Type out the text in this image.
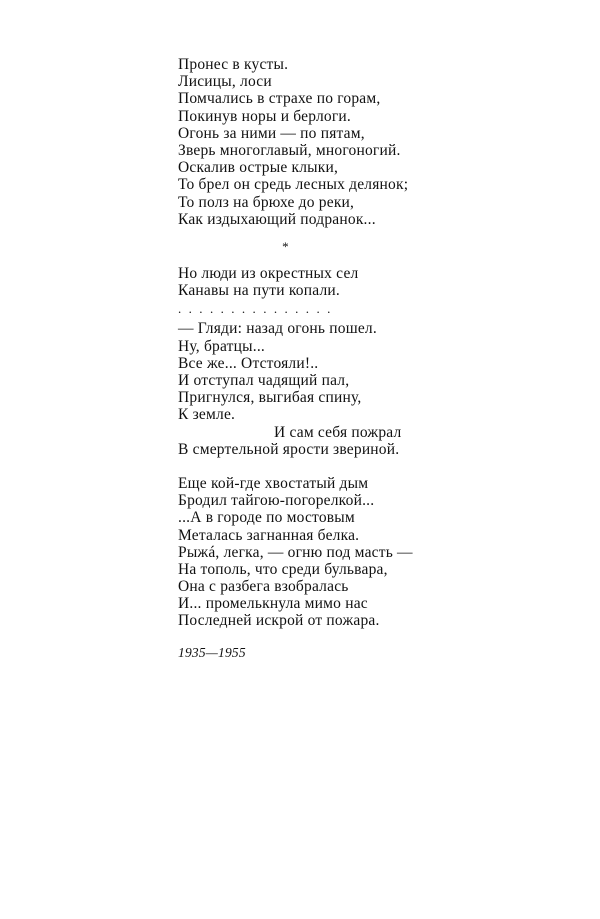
Пронес в кусты.
Лисицы, лоси
Помчались в страхе по горам,
Покинув норы и берлоги.
Огонь за ними — по пятам,
Зверь многоглавый, многоногий.
Оскалив острые клыки,
То брел он средь лесных делянок;
То полз на брюхе до реки,
Как издыхающий подранок...
*
Но люди из окрестных сел
Канавы на пути копали.
...............
— Гляди: назад огонь пошел.
Ну, братцы...
Все же... Отстояли!..
И отступал чадящий пал,
Пригнулся, выгибая спину,
К земле.
И сам себя пожрал
В смертельной ярости звериной.
Еще кой-где хвостатый дым
Бродил тайгою-погорелкой...
...А в городе по мостовым
Металась загнанная белка.
Рыжá, легка, — огню под масть —
На тополь, что среди бульвара,
Она с разбега взобралась
И... промелькнула мимо нас
Последней искрой от пожара.
1935—1955
